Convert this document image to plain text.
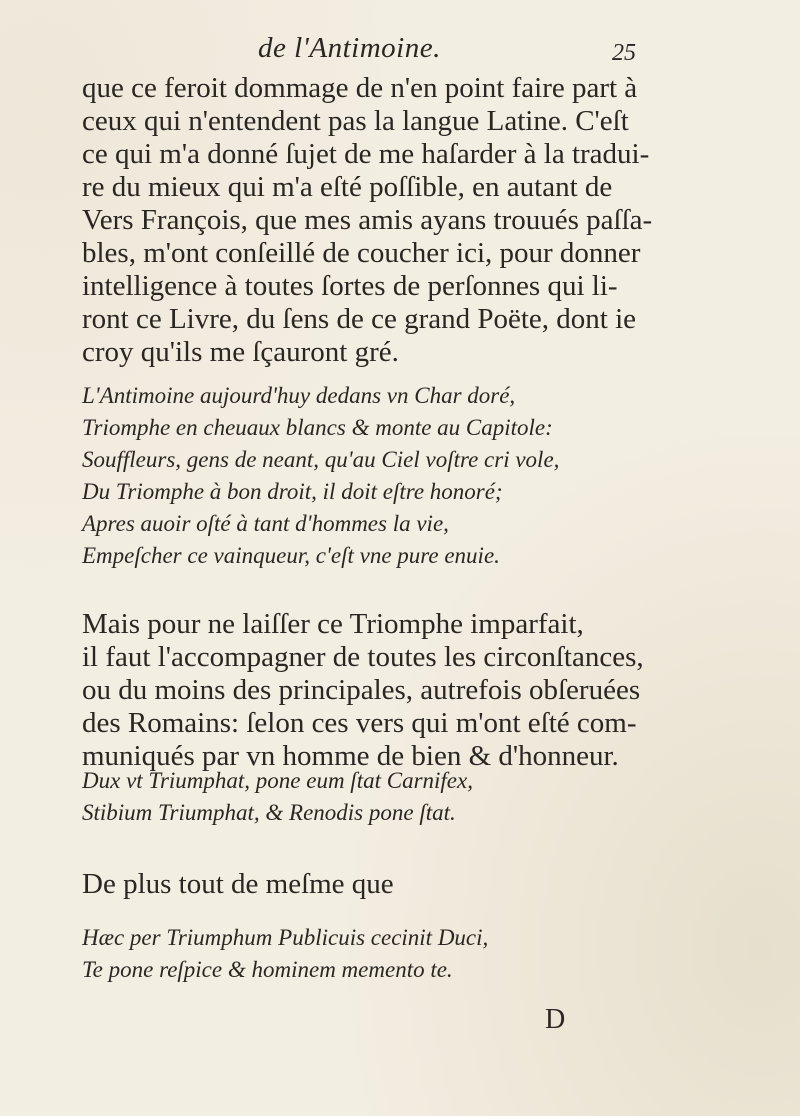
de l'Antimoine.	25

que ce feroit dommage de n'en point faire part à
ceux qui n'entendent pas la langue Latine. C'eſt
ce qui m'a donné ſujet de me haſarder à la tradui-
re du mieux qui m'a eſté poſſible, en autant de
Vers François, que mes amis ayans trouués paſſa-
bles, m'ont conſeillé de coucher ici, pour donner
intelligence à toutes ſortes de perſonnes qui li-
ront ce Livre, du ſens de ce grand Poëte, dont ie
croy qu'ils me ſçauront gré.

L'Antimoine aujourd'huy dedans vn Char doré,
Triomphe en cheuaux blancs & monte au Capitole:
Souffleurs, gens de neant, qu'au Ciel voſtre cri vole,
Du Triomphe à bon droit, il doit eſtre honoré;
Apres auoir oſté à tant d'hommes la vie,
Empeſcher ce vainqueur, c'eſt vne pure enuie.

Mais pour ne laiſſer ce Triomphe imparfait,
il faut l'accompagner de toutes les circonſtances,
ou du moins des principales, autrefois obſeruées
des Romains: ſelon ces vers qui m'ont eſté com-
muniqués par vn homme de bien & d'honneur.

Dux vt Triumphat, pone eum ſtat Carnifex,
Stibium Triumphat, & Renodis pone ſtat.

De plus tout de meſme que

Hæc per Triumphum Publicuis cecinit Duci,
Te pone reſpice & hominem memento te.

D
